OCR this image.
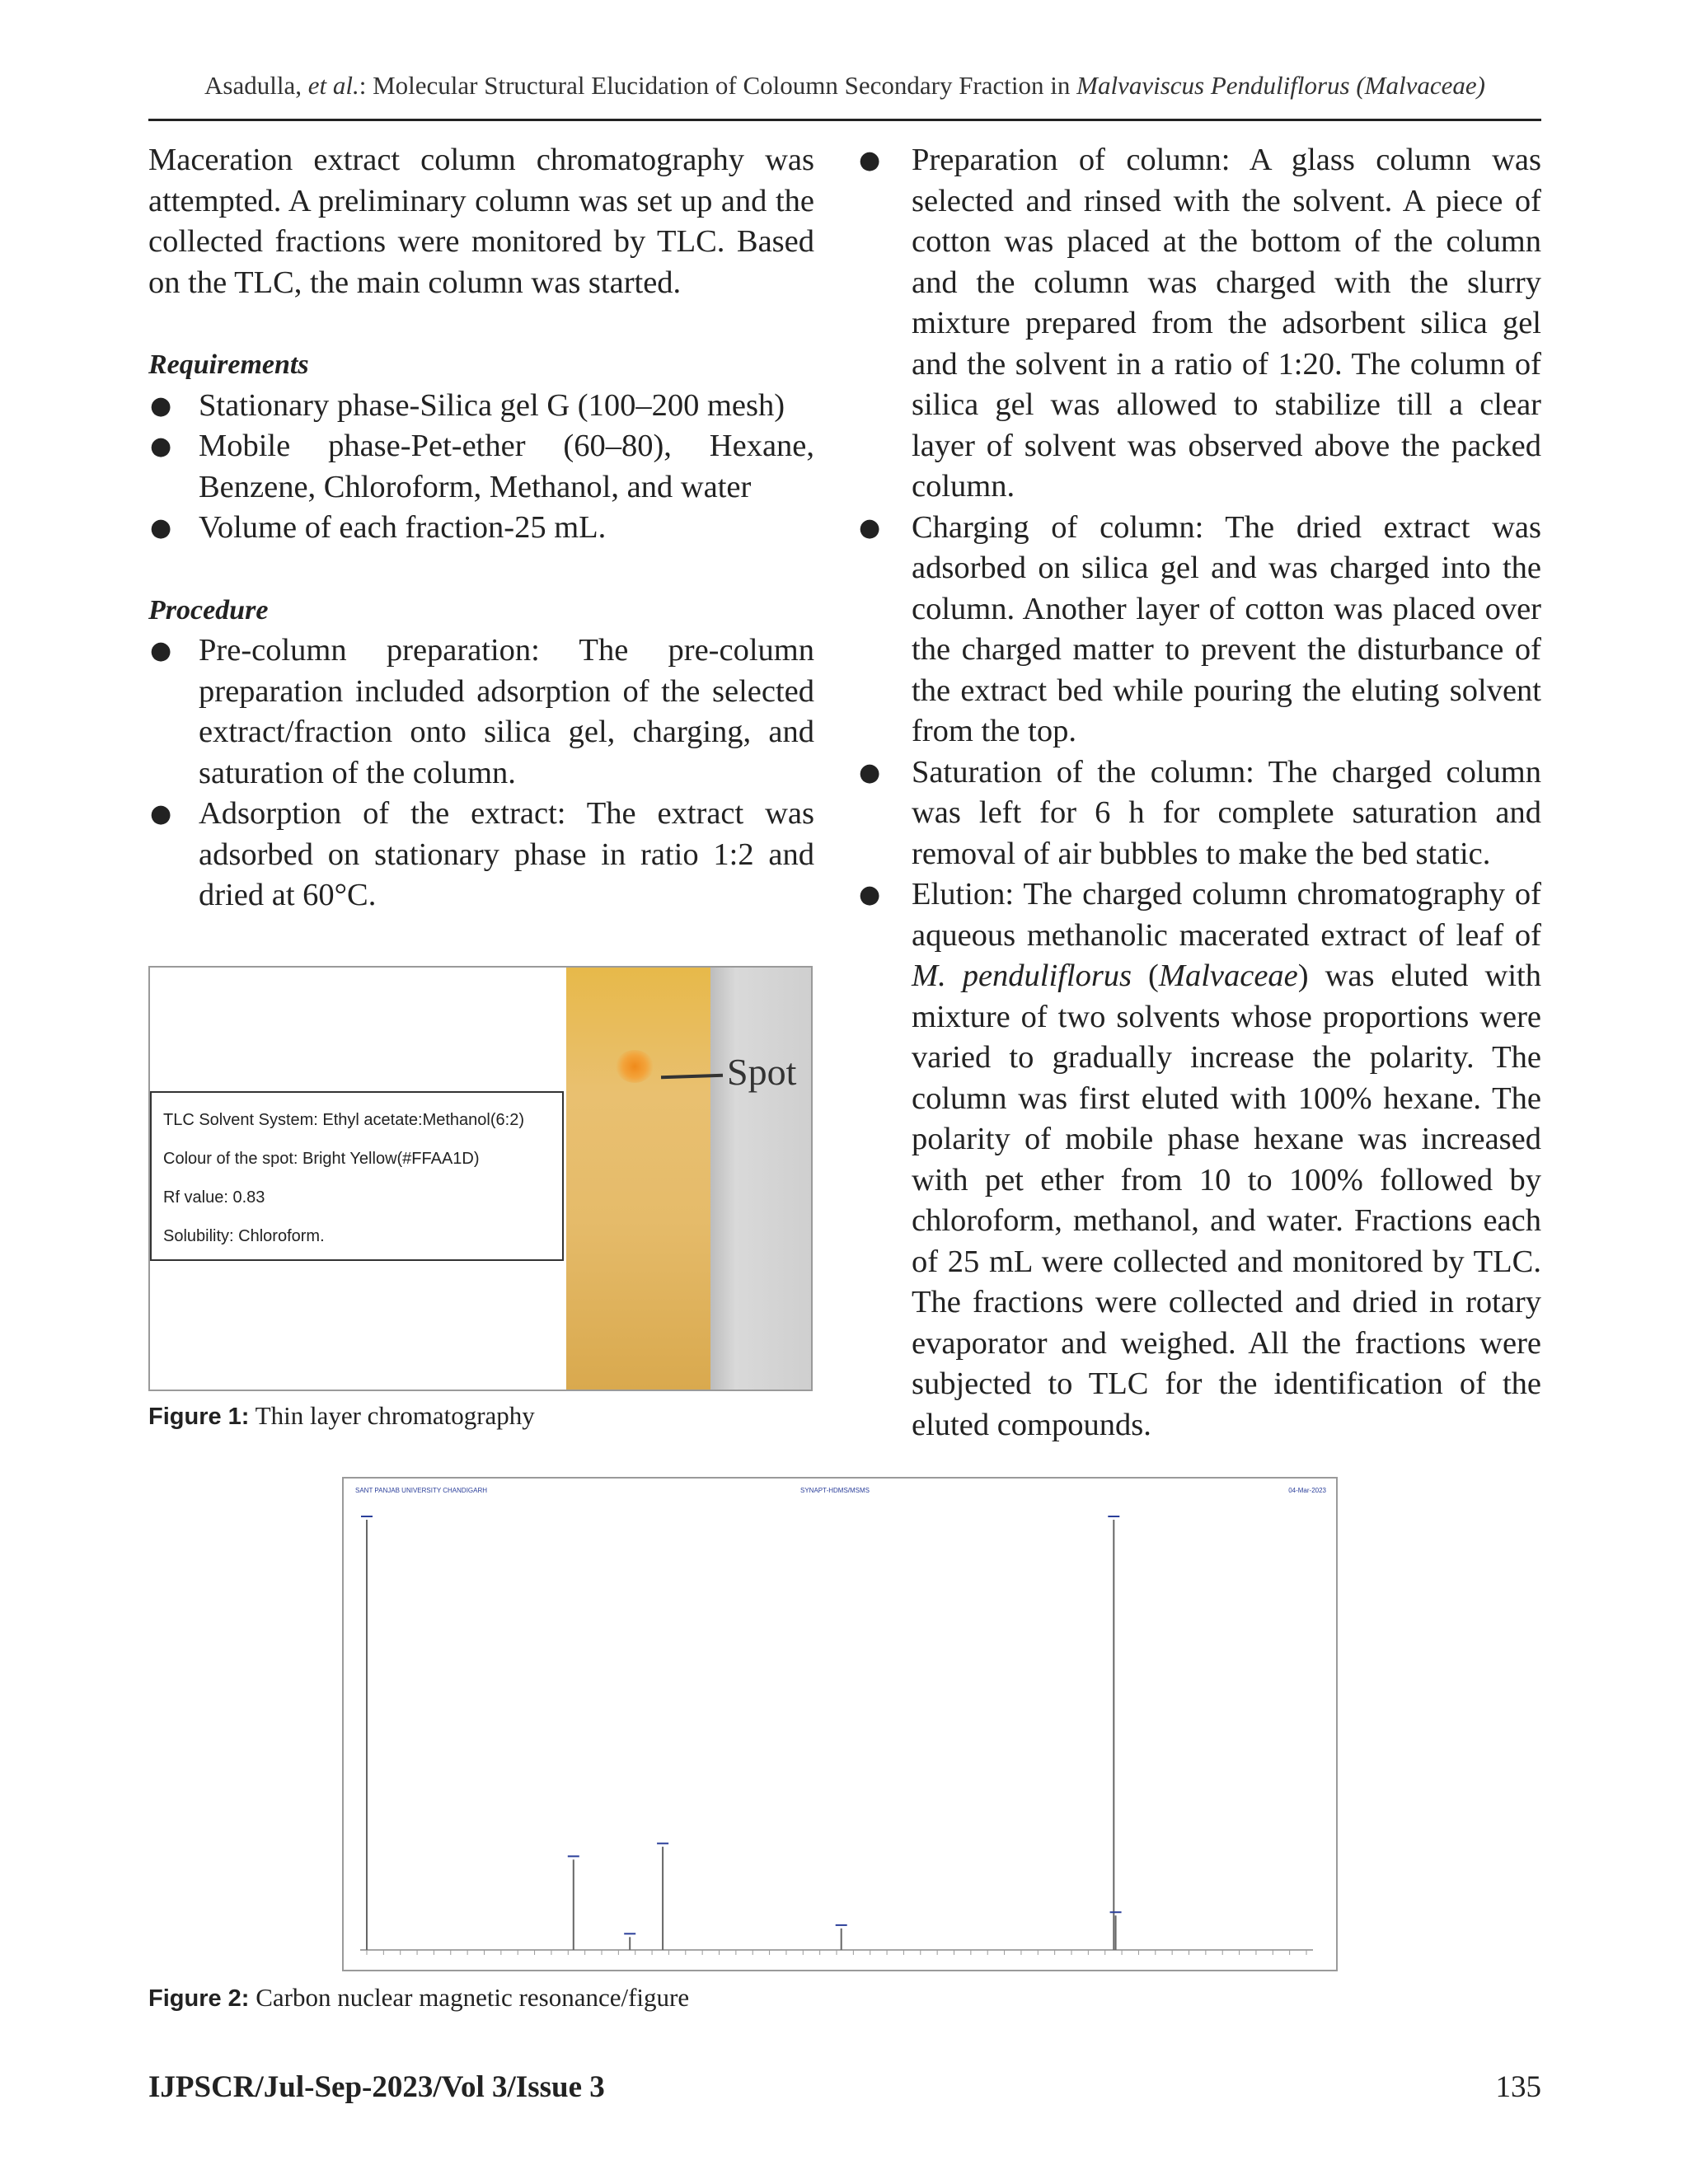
Asadulla, et al.: Molecular Structural Elucidation of Coloumn Secondary Fraction in Malvaviscus Penduliflorus (Malvaceae)

Maceration extract column chromatography was attempted. A preliminary column was set up and the collected fractions were monitored by TLC. Based on the TLC, the main column was started.

Requirements

● Stationary phase-Silica gel G (100–200 mesh)
● Mobile phase-Pet-ether (60–80), Hexane, Benzene, Chloroform, Methanol, and water
● Volume of each fraction-25 mL.

Procedure

● Pre-column preparation: The pre-column preparation included adsorption of the selected extract/fraction onto silica gel, charging, and saturation of the column.
● Adsorption of the extract: The extract was adsorbed on stationary phase in ratio 1:2 and dried at 60°C.
● Preparation of column: A glass column was selected and rinsed with the solvent. A piece of cotton was placed at the bottom of the column and the column was charged with the slurry mixture prepared from the adsorbent silica gel and the solvent in a ratio of 1:20. The column of silica gel was allowed to stabilize till a clear layer of solvent was observed above the packed column.
● Charging of column: The dried extract was adsorbed on silica gel and was charged into the column. Another layer of cotton was placed over the charged matter to prevent the disturbance of the extract bed while pouring the eluting solvent from the top.
● Saturation of the column: The charged column was left for 6 h for complete saturation and removal of air bubbles to make the bed static.
● Elution: The charged column chromatography of aqueous methanolic macerated extract of leaf of M. penduliflorus (Malvaceae) was eluted with mixture of two solvents whose proportions were varied to gradually increase the polarity. The column was first eluted with 100% hexane. The polarity of mobile phase hexane was increased with pet ether from 10 to 100% followed by chloroform, methanol, and water. Fractions each of 25 mL were collected and monitored by TLC. The fractions were collected and dried in rotary evaporator and weighed. All the fractions were subjected to TLC for the identification of the eluted compounds.
Spot
TLC Solvent System: Ethyl acetate:Methanol(6:2)
Colour of the spot: Bright Yellow(#FFAA1D)
Rf value: 0.83
Solubility: Chloroform.
Figure 1: Thin layer chromatography
SANT PANJAB UNIVERSITY CHANDIGARH	SYNAPT-HDMS/MSMS	04-Mar-2023
Figure 2: Carbon nuclear magnetic resonance/figure
IJPSCR/Jul-Sep-2023/Vol 3/Issue 3	135
